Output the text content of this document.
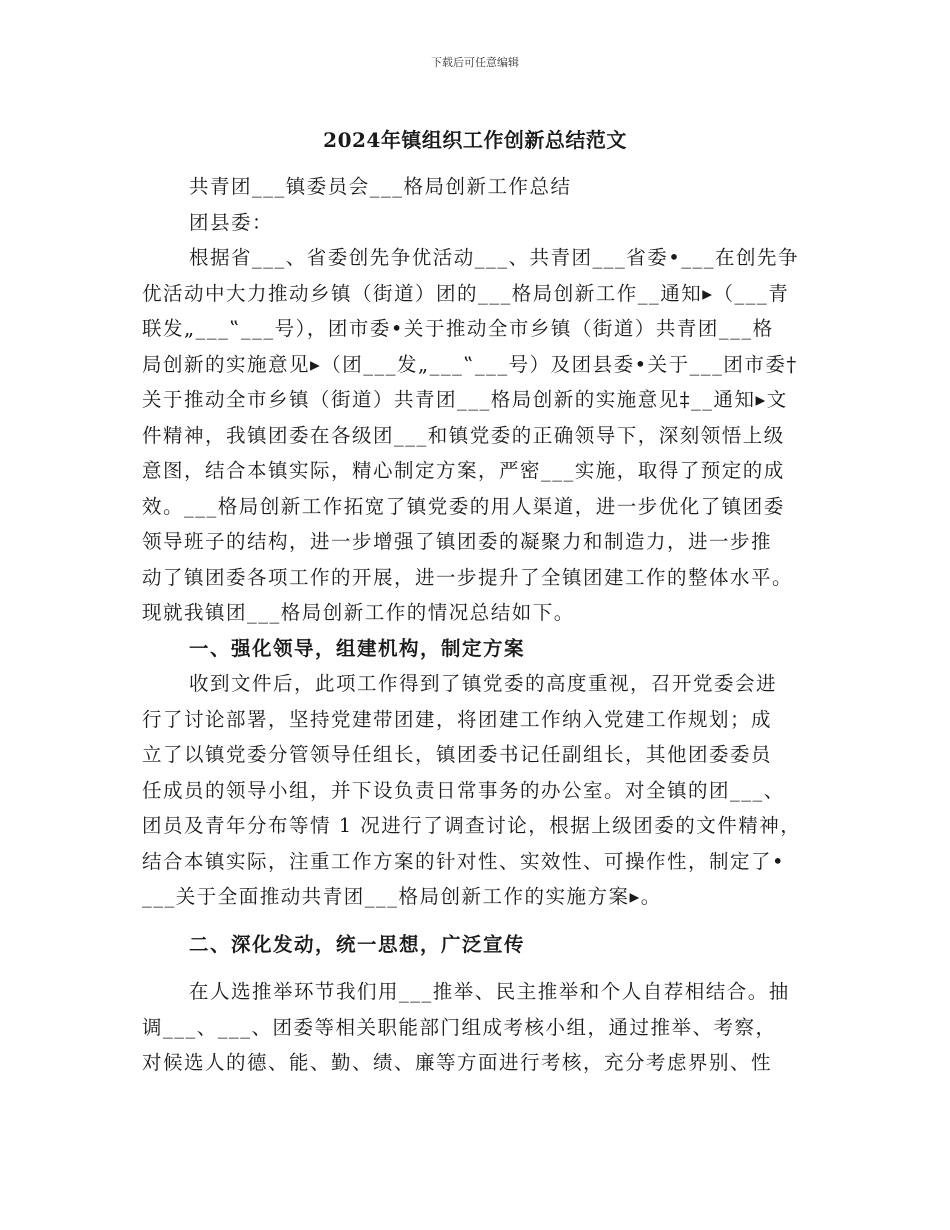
下载后可任意编辑
2024年镇组织工作创新总结范文
共青团___镇委员会___格局创新工作总结
团县委：
根据省___、省委创先争优活动___、共青团___省委•___在创先争
优活动中大力推动乡镇（街道）团的___格局创新工作__通知▸（___青
联发„___‟___号），团市委•关于推动全市乡镇（街道）共青团___格
局创新的实施意见▸（团___发„___‟___号）及团县委•关于___团市委†
关于推动全市乡镇（街道）共青团___格局创新的实施意见‡__通知▸文
件精神，我镇团委在各级团___和镇党委的正确领导下，深刻领悟上级
意图，结合本镇实际，精心制定方案，严密___实施，取得了预定的成
效。___格局创新工作拓宽了镇党委的用人渠道，进一步优化了镇团委
领导班子的结构，进一步增强了镇团委的凝聚力和制造力，进一步推
动了镇团委各项工作的开展，进一步提升了全镇团建工作的整体水平。
现就我镇团___格局创新工作的情况总结如下。
一、强化领导，组建机构，制定方案
收到文件后，此项工作得到了镇党委的高度重视，召开党委会进
行了讨论部署，坚持党建带团建，将团建工作纳入党建工作规划；成
立了以镇党委分管领导任组长，镇团委书记任副组长，其他团委委员
任成员的领导小组，并下设负责日常事务的办公室。对全镇的团___、
团员及青年分布等情 1 况进行了调查讨论，根据上级团委的文件精神，
结合本镇实际，注重工作方案的针对性、实效性、可操作性，制定了•
___关于全面推动共青团___格局创新工作的实施方案▸。
二、深化发动，统一思想，广泛宣传
在人选推举环节我们用___推举、民主推举和个人自荐相结合。抽
调___、___、团委等相关职能部门组成考核小组，通过推举、考察，
对候选人的德、能、勤、绩、廉等方面进行考核，充分考虑界别、性
